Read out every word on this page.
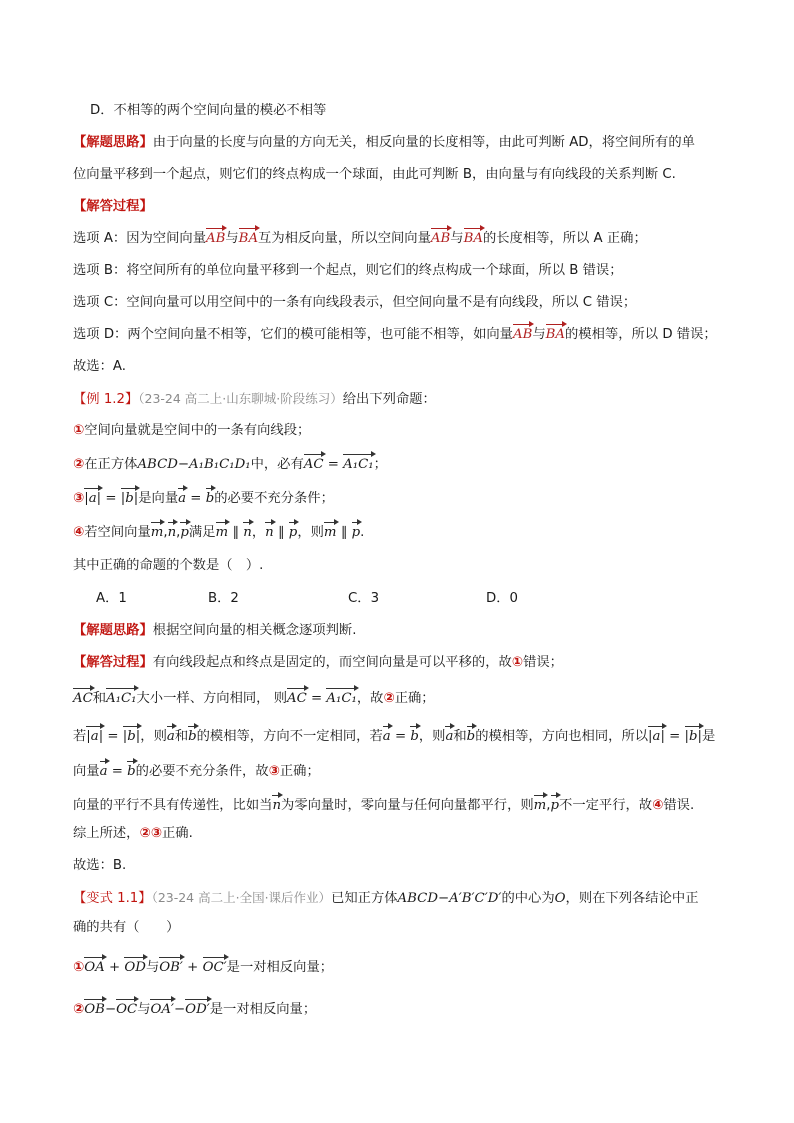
D．不相等的两个空间向量的模必不相等
【解题思路】由于向量的长度与向量的方向无关，相反向量的长度相等，由此可判断 AD，将空间所有的单
位向量平移到一个起点，则它们的终点构成一个球面，由此可判断 B，由向量与有向线段的关系判断 C.
【解答过程】
选项 A：因为空间向量AB与BA互为相反向量，所以空间向量AB与BA的长度相等，所以 A 正确；
选项 B：将空间所有的单位向量平移到一个起点，则它们的终点构成一个球面，所以 B 错误；
选项 C：空间向量可以用空间中的一条有向线段表示，但空间向量不是有向线段，所以 C 错误；
选项 D：两个空间向量不相等，它们的模可能相等，也可能不相等，如向量AB与BA的模相等，所以 D 错误；
故选：A.
【例 1.2】（23-24 高二上·山东聊城·阶段练习）给出下列命题：
①空间向量就是空间中的一条有向线段；
②在正方体ABCD−A₁B₁C₁D₁中，必有AC = A₁C₁；
③|a| = |b|是向量a = b的必要不充分条件；
④若空间向量m,n,p满足m ∥ n，n ∥ p，则m ∥ p.
其中正确的命题的个数是（　）.
A．1	B．2	C．3	D．0
【解题思路】根据空间向量的相关概念逐项判断.
【解答过程】有向线段起点和终点是固定的，而空间向量是可以平移的，故①错误；
AC和A₁C₁大小一样、方向相同， 则AC = A₁C₁，故②正确；
若|a| = |b|，则a和b的模相等，方向不一定相同，若a = b，则a和b的模相等，方向也相同，所以|a| = |b|是
向量a = b的必要不充分条件，故③正确；
向量的平行不具有传递性，比如当n为零向量时，零向量与任何向量都平行，则m,p不一定平行，故④错误.
综上所述，②③正确.
故选：B.
【变式 1.1】（23-24 高二上·全国·课后作业）已知正方体ABCD−A′B′C′D′的中心为O，则在下列各结论中正
确的共有（　　）
①OA + OD与OB′ + OC′是一对相反向量；
②OB−OC与OA′−OD′是一对相反向量；
